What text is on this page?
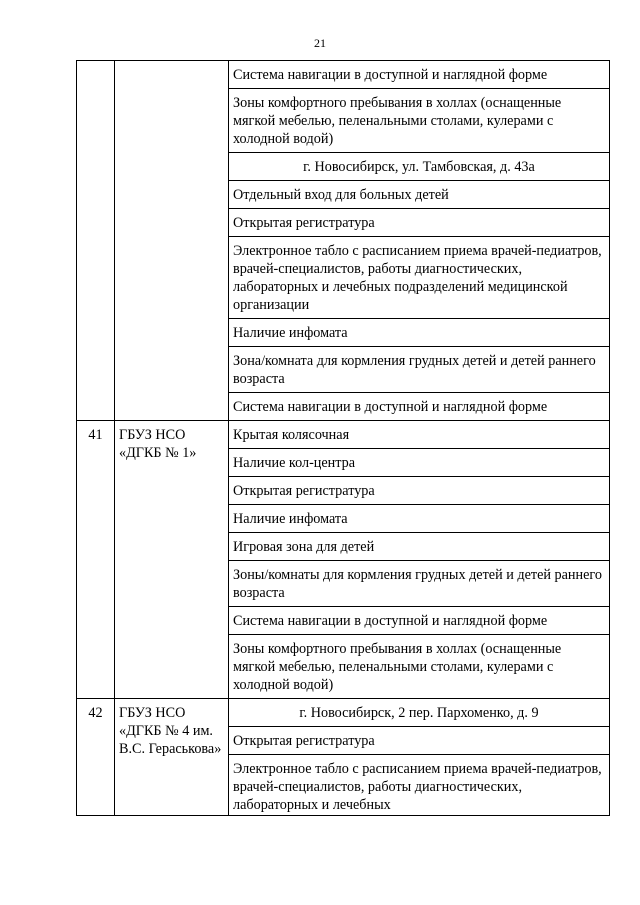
21
		Система навигации в доступной и наглядной форме
		Зоны комфортного пребывания в холлах (оснащенные мягкой мебелью, пеленальными столами, кулерами с холодной водой)
		г. Новосибирск, ул. Тамбовская, д. 43а
		Отдельный вход для больных детей
		Открытая регистратура
		Электронное табло с расписанием приема врачей-педиатров, врачей-специалистов, работы диагностических, лабораторных и лечебных подразделений медицинской организации
		Наличие инфомата
		Зона/комната для кормления грудных детей и детей раннего возраста
		Система навигации в доступной и наглядной форме
41	ГБУЗ НСО «ДГКБ № 1»	Крытая колясочная
		Наличие кол-центра
		Открытая регистратура
		Наличие инфомата
		Игровая зона для детей
		Зоны/комнаты для кормления грудных детей и детей раннего возраста
		Система навигации в доступной и наглядной форме
		Зоны комфортного пребывания в холлах (оснащенные мягкой мебелью, пеленальными столами, кулерами с холодной водой)
42	ГБУЗ НСО «ДГКБ № 4 им. В.С. Гераськова»	г. Новосибирск, 2 пер. Пархоменко, д. 9
		Открытая регистратура
		Электронное табло с расписанием приема врачей-педиатров, врачей-специалистов, работы диагностических, лабораторных и лечебных
